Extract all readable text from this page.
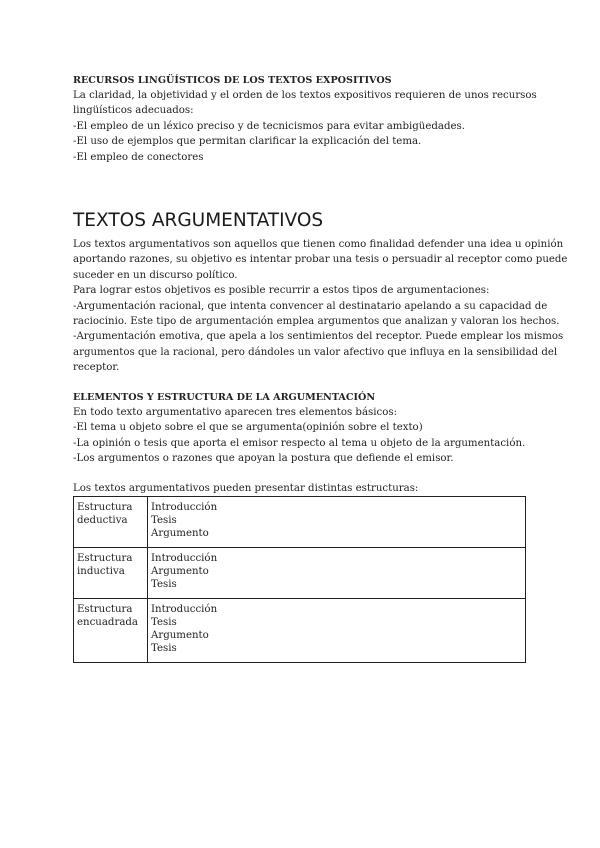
RECURSOS LINGÜÍSTICOS DE LOS TEXTOS EXPOSITIVOS
La claridad, la objetividad y el orden de los textos expositivos requieren de unos recursos
lingüísticos adecuados:
-El empleo de un léxico preciso y de tecnicismos para evitar ambigüedades.
-El uso de ejemplos que permitan clarificar la explicación del tema.
-El empleo de conectores
TEXTOS ARGUMENTATIVOS
Los textos argumentativos son aquellos que tienen como finalidad defender una idea u opinión
aportando razones, su objetivo es intentar probar una tesis o persuadir al receptor como puede
suceder en un discurso político.
Para lograr estos objetivos es posible recurrir a estos tipos de argumentaciones:
-Argumentación racional, que intenta convencer al destinatario apelando a su capacidad de
raciocinio. Este tipo de argumentación emplea argumentos que analizan y valoran los hechos.
-Argumentación emotiva, que apela a los sentimientos del receptor. Puede emplear los mismos
argumentos que la racional, pero dándoles un valor afectivo que influya en la sensibilidad del
receptor.
ELEMENTOS Y ESTRUCTURA DE LA ARGUMENTACIÓN
En todo texto argumentativo aparecen tres elementos básicos:
-El tema u objeto sobre el que se argumenta(opinión sobre el texto)
-La opinión o tesis que aporta el emisor respecto al tema u objeto de la argumentación.
-Los argumentos o razones que apoyan la postura que defiende el emisor.
Los textos argumentativos pueden presentar distintas estructuras:
Estructura deductiva	Introducción
Tesis
Argumento

Estructura inductiva	Introducción
Argumento
Tesis

Estructura encuadrada	Introducción
Tesis
Argumento
Tesis
